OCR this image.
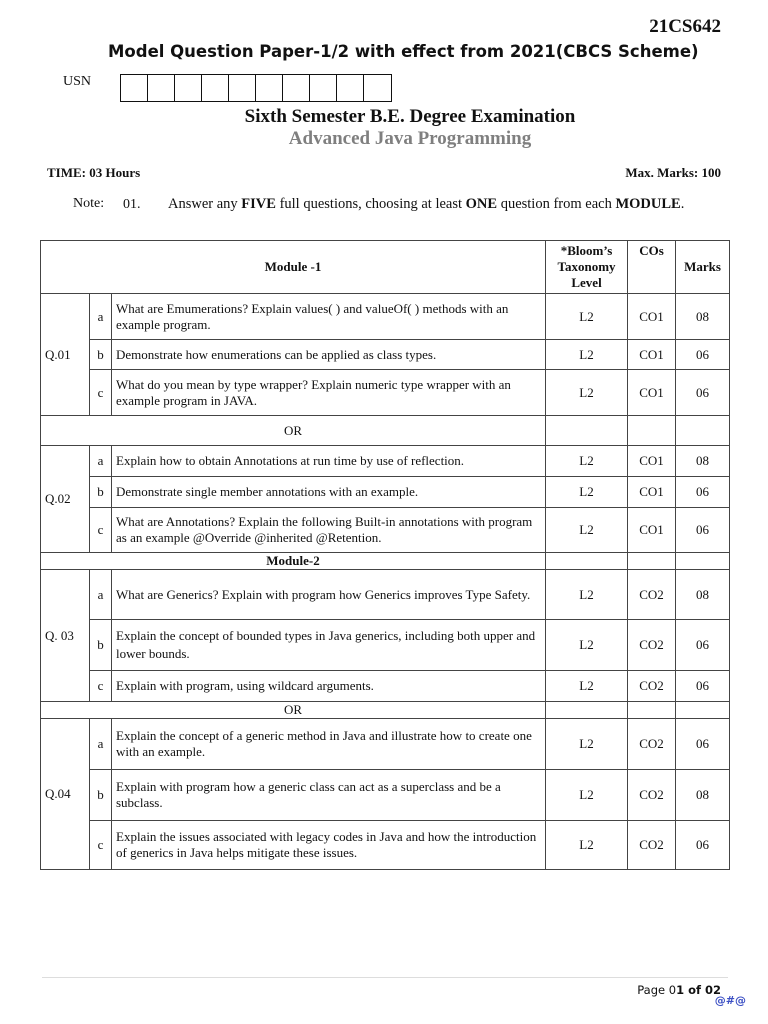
21CS642
Model Question Paper-1/2 with effect from 2021(CBCS Scheme)
USN
Sixth Semester B.E. Degree Examination
Advanced Java Programming
TIME: 03 Hours	Max. Marks: 100
Note: 01. Answer any FIVE full questions, choosing at least ONE question from each MODULE.
Module -1			*Bloom’s Taxonomy Level	COs	Marks
Q.01	a	What are Emumerations? Explain values( ) and valueOf( ) methods with an example program.	L2	CO1	08
	b	Demonstrate how enumerations can be applied as class types.	L2	CO1	06
	c	What do you mean by type wrapper? Explain numeric type wrapper with an example program in JAVA.	L2	CO1	06
OR					
Q.02	a	Explain how to obtain Annotations at run time by use of reflection.	L2	CO1	08
	b	Demonstrate single member annotations with an example.	L2	CO1	06
	c	What are Annotations? Explain the following Built-in annotations with program as an example @Override @inherited @Retention.	L2	CO1	06
Module-2					
Q. 03	a	What are Generics? Explain with program how Generics improves Type Safety.	L2	CO2	08
	b	Explain the concept of bounded types in Java generics, including both upper and lower bounds.	L2	CO2	06
	c	Explain with program, using wildcard arguments.	L2	CO2	06
OR					
Q.04	a	Explain the concept of a generic method in Java and illustrate how to create one with an example.	L2	CO2	06
	b	Explain with program how a generic class can act as a superclass and be a subclass.	L2	CO2	08
	c	Explain the issues associated with legacy codes in Java and how the introduction of generics in Java helps mitigate these issues.	L2	CO2	06
Page 01 of 02
@#@
